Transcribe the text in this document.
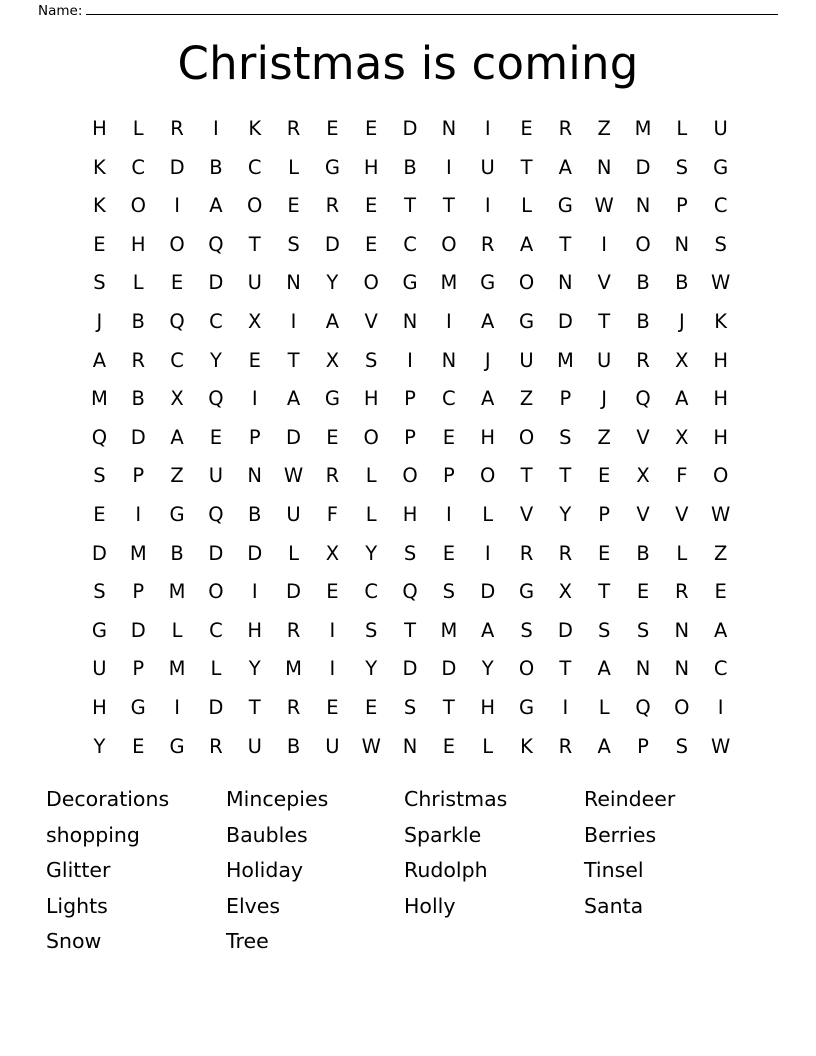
Name:
Christmas is coming
H	L	R	I	K	R	E	E	D	N	I	E	R	Z	M	L	U
K	C	D	B	C	L	G	H	B	I	U	T	A	N	D	S	G
K	O	I	A	O	E	R	E	T	T	I	L	G	W	N	P	C
E	H	O	Q	T	S	D	E	C	O	R	A	T	I	O	N	S
S	L	E	D	U	N	Y	O	G	M	G	O	N	V	B	B	W
J	B	Q	C	X	I	A	V	N	I	A	G	D	T	B	J	K
A	R	C	Y	E	T	X	S	I	N	J	U	M	U	R	X	H
M	B	X	Q	I	A	G	H	P	C	A	Z	P	J	Q	A	H
Q	D	A	E	P	D	E	O	P	E	H	O	S	Z	V	X	H
S	P	Z	U	N	W	R	L	O	P	O	T	T	E	X	F	O
E	I	G	Q	B	U	F	L	H	I	L	V	Y	P	V	V	W
D	M	B	D	D	L	X	Y	S	E	I	R	R	E	B	L	Z
S	P	M	O	I	D	E	C	Q	S	D	G	X	T	E	R	E
G	D	L	C	H	R	I	S	T	M	A	S	D	S	S	N	A
U	P	M	L	Y	M	I	Y	D	D	Y	O	T	A	N	N	C
H	G	I	D	T	R	E	E	S	T	H	G	I	L	Q	O	I
Y	E	G	R	U	B	U	W	N	E	L	K	R	A	P	S	W
Decorations
shopping
Glitter
Lights
Snow
Mincepies
Baubles
Holiday
Elves
Tree
Christmas
Sparkle
Rudolph
Holly
Reindeer
Berries
Tinsel
Santa
